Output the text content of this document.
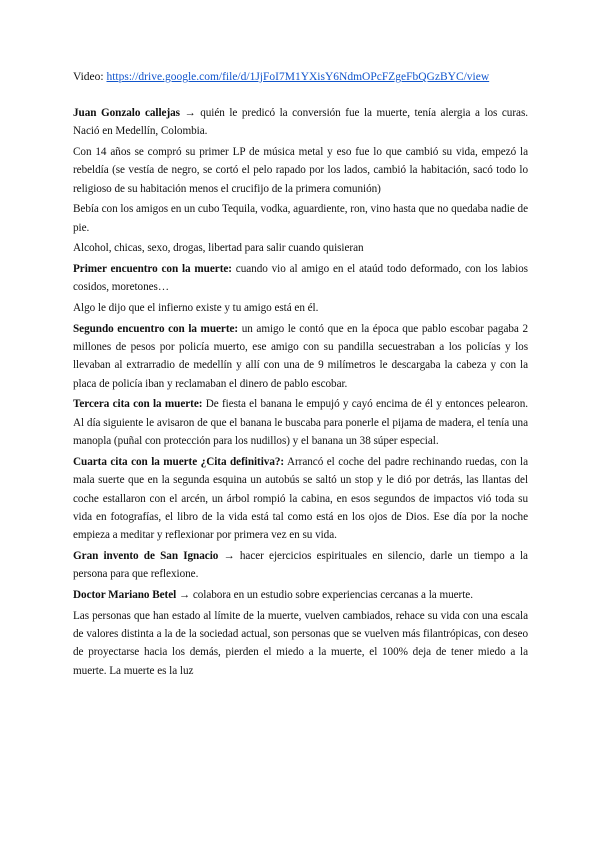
Video: https://drive.google.com/file/d/1JjFoI7M1YXisY6NdmOPcFZgeFbQGzBYC/view

Juan Gonzalo callejas → quién le predicó la conversión fue la muerte, tenía alergia a los curas. Nació en Medellín, Colombia.

Con 14 años se compró su primer LP de música metal y eso fue lo que cambió su vida, empezó la rebeldía (se vestía de negro, se cortó el pelo rapado por los lados, cambió la habitación, sacó todo lo religioso de su habitación menos el crucifijo de la primera comunión)

Bebía con los amigos en un cubo Tequila, vodka, aguardiente, ron, vino hasta que no quedaba nadie de pie.

Alcohol, chicas, sexo, drogas, libertad para salir cuando quisieran

Primer encuentro con la muerte: cuando vio al amigo en el ataúd todo deformado, con los labios cosidos, moretones…

Algo le dijo que el infierno existe y tu amigo está en él.

Segundo encuentro con la muerte: un amigo le contó que en la época que pablo escobar pagaba 2 millones de pesos por policía muerto, ese amigo con su pandilla secuestraban a los policías y los llevaban al extrarradio de medellín y allí con una de 9 milímetros le descargaba la cabeza y con la placa de policía iban y reclamaban el dinero de pablo escobar.

Tercera cita con la muerte: De fiesta el banana le empujó y cayó encima de él y entonces pelearon. Al día siguiente le avisaron de que el banana le buscaba para ponerle el pijama de madera, el tenía una manopla (puñal con protección para los nudillos) y el banana un 38 súper especial.

Cuarta cita con la muerte ¿Cita definitiva?: Arrancó el coche del padre rechinando ruedas, con la mala suerte que en la segunda esquina un autobús se saltó un stop y le dió por detrás, las llantas del coche estallaron con el arcén, un árbol rompió la cabina, en esos segundos de impactos vió toda su vida en fotografías, el libro de la vida está tal como está en los ojos de Dios. Ese día por la noche empieza a meditar y reflexionar por primera vez en su vida.

Gran invento de San Ignacio → hacer ejercicios espirituales en silencio, darle un tiempo a la persona para que reflexione.

Doctor Mariano Betel → colabora en un estudio sobre experiencias cercanas a la muerte.

Las personas que han estado al límite de la muerte, vuelven cambiados, rehace su vida con una escala de valores distinta a la de la sociedad actual, son personas que se vuelven más filantrópicas, con deseo de proyectarse hacia los demás, pierden el miedo a la muerte, el 100% deja de tener miedo a la muerte. La muerte es la luz
